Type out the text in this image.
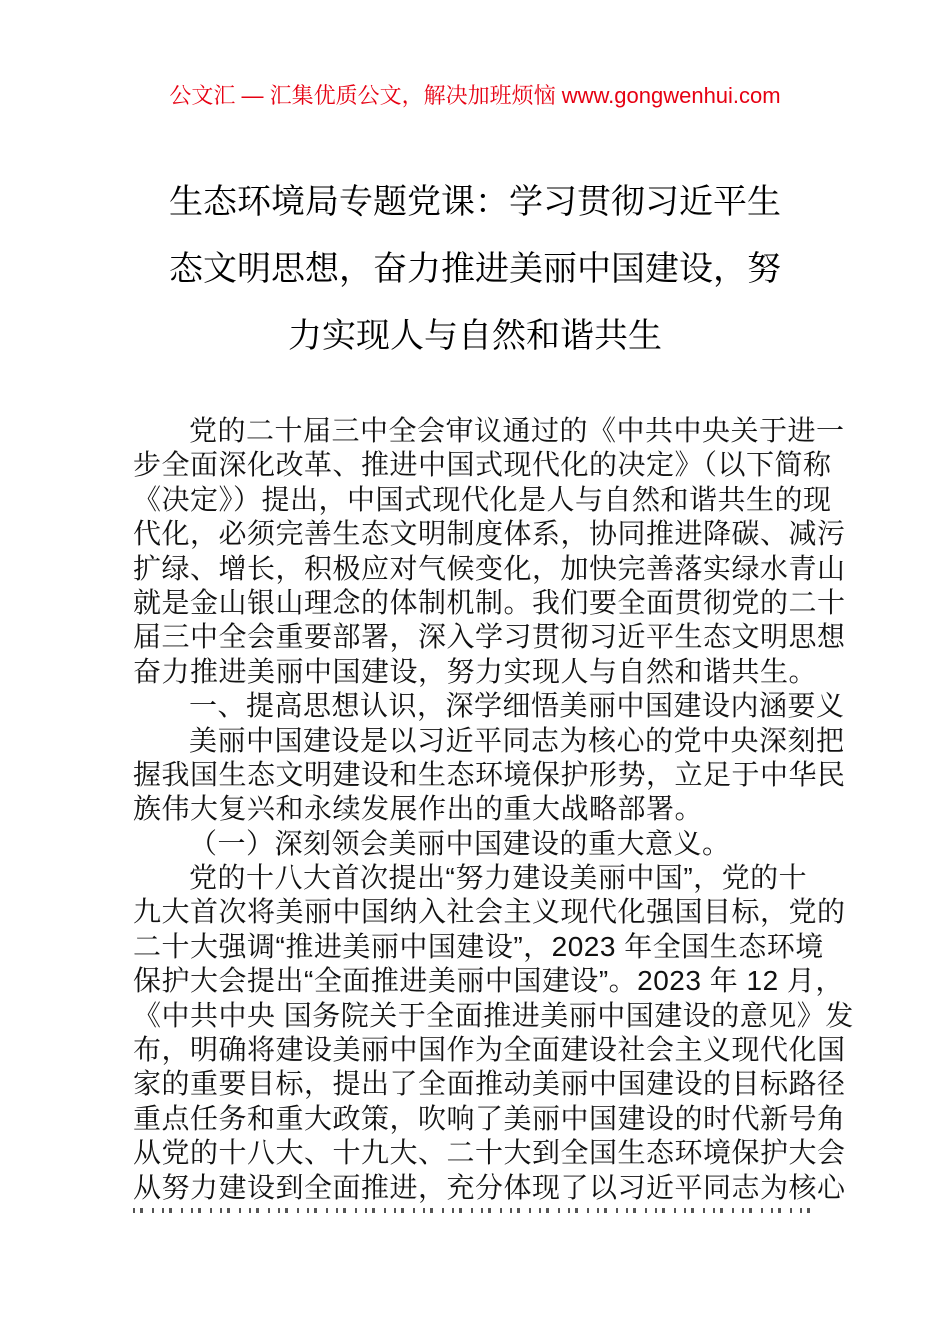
公文汇 — 汇集优质公文，解决加班烦恼 www.gongwenhui.com
生态环境局专题党课：学习贯彻习近平生
态文明思想，奋力推进美丽中国建设，努
力实现人与自然和谐共生
党的二十届三中全会审议通过的《中共中央关于进一
步全面深化改革、推进中国式现代化的决定》（以下简称
《决定》）提出，中国式现代化是人与自然和谐共生的现
代化，必须完善生态文明制度体系，协同推进降碳、减污
扩绿、增长，积极应对气候变化，加快完善落实绿水青山
就是金山银山理念的体制机制。我们要全面贯彻党的二十
届三中全会重要部署，深入学习贯彻习近平生态文明思想
奋力推进美丽中国建设，努力实现人与自然和谐共生。
一、提高思想认识，深学细悟美丽中国建设内涵要义
美丽中国建设是以习近平同志为核心的党中央深刻把
握我国生态文明建设和生态环境保护形势，立足于中华民
族伟大复兴和永续发展作出的重大战略部署。
（一）深刻领会美丽中国建设的重大意义。
党的十八大首次提出“努力建设美丽中国”，党的十
九大首次将美丽中国纳入社会主义现代化强国目标，党的
二十大强调“推进美丽中国建设”，2023 年全国生态环境
保护大会提出“全面推进美丽中国建设”。2023 年 12 月，
《中共中央 国务院关于全面推进美丽中国建设的意见》发
布，明确将建设美丽中国作为全面建设社会主义现代化国
家的重要目标，提出了全面推动美丽中国建设的目标路径
重点任务和重大政策，吹响了美丽中国建设的时代新号角
从党的十八大、十九大、二十大到全国生态环境保护大会
从努力建设到全面推进，充分体现了以习近平同志为核心
